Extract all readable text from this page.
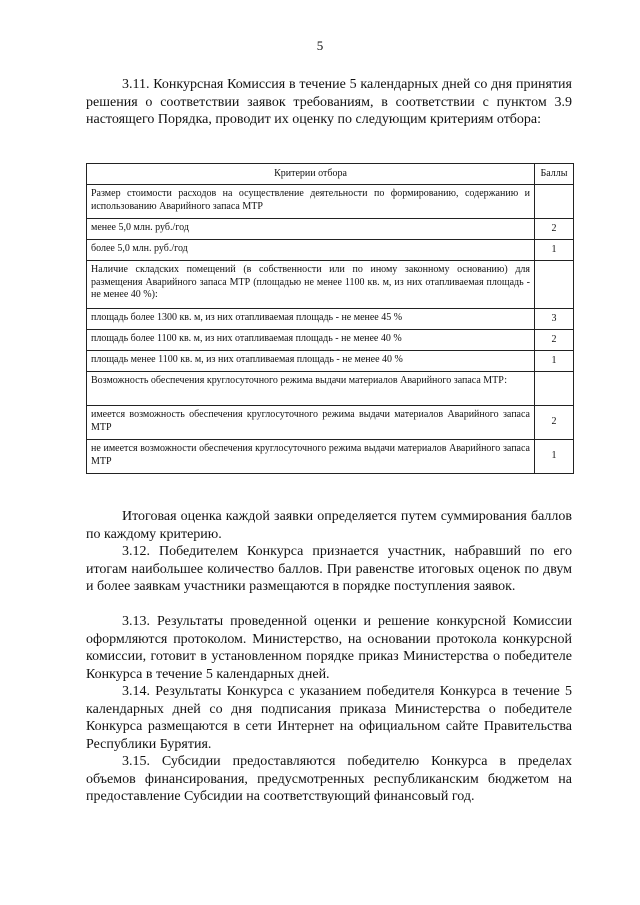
5

3.11. Конкурсная Комиссия в течение 5 календарных дней со дня принятия решения о соответствии заявок требованиям, в соответствии с пунктом 3.9 настоящего Порядка, проводит их оценку по следующим критериям отбора:

Критерии отбора	Баллы
Размер стоимости расходов на осуществление деятельности по формированию, содержанию и использованию Аварийного запаса МТР	
менее 5,0 млн. руб./год	2
более 5,0 млн. руб./год	1
Наличие складских помещений (в собственности или по иному законному основанию) для размещения Аварийного запаса МТР (площадью не менее 1100 кв. м, из них отапливаемая площадь - не менее 40 %):	
площадь более 1300 кв. м, из них отапливаемая площадь - не менее 45 %	3
площадь более 1100 кв. м, из них отапливаемая площадь - не менее 40 %	2
площадь менее 1100 кв. м, из них отапливаемая площадь - не менее 40 %	1
Возможность обеспечения круглосуточного режима выдачи материалов Аварийного запаса МТР:	
имеется возможность обеспечения круглосуточного режима выдачи материалов Аварийного запаса МТР	2
не имеется возможности обеспечения круглосуточного режима выдачи материалов Аварийного запаса МТР	1

Итоговая оценка каждой заявки определяется путем суммирования баллов по каждому критерию.

3.12. Победителем Конкурса признается участник, набравший по его итогам наибольшее количество баллов. При равенстве итоговых оценок по двум и более заявкам участники размещаются в порядке поступления заявок.

3.13. Результаты проведенной оценки и решение конкурсной Комиссии оформляются протоколом. Министерство, на основании протокола конкурсной комиссии, готовит в установленном порядке приказ Министерства о победителе Конкурса в течение 5 календарных дней.

3.14. Результаты Конкурса с указанием победителя Конкурса в течение 5 календарных дней со дня подписания приказа Министерства о победителе Конкурса размещаются в сети Интернет на официальном сайте Правительства Республики Бурятия.

3.15. Субсидии предоставляются победителю Конкурса в пределах объемов финансирования, предусмотренных республиканским бюджетом на предоставление Субсидии на соответствующий финансовый год.
